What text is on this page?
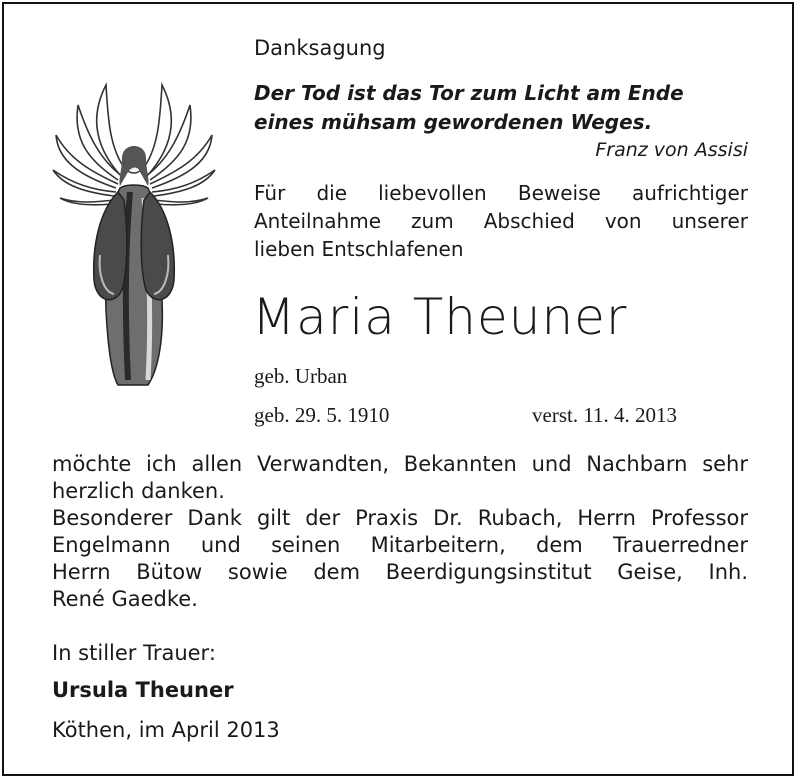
Danksagung
Der Tod ist das Tor zum Licht am Ende
eines mühsam gewordenen Weges.
Franz von Assisi
Für die liebevollen Beweise aufrichtiger
Anteilnahme zum Abschied von unserer
lieben Entschlafenen
Maria Theuner
geb. Urban
geb. 29. 5. 1910	verst. 11. 4. 2013
möchte ich allen Verwandten, Bekannten und Nachbarn sehr
herzlich danken.
Besonderer Dank gilt der Praxis Dr. Rubach, Herrn Professor
Engelmann und seinen Mitarbeitern, dem Trauerredner
Herrn Bütow sowie dem Beerdigungsinstitut Geise, Inh.
René Gaedke.
In stiller Trauer:
Ursula Theuner
Köthen, im April 2013
